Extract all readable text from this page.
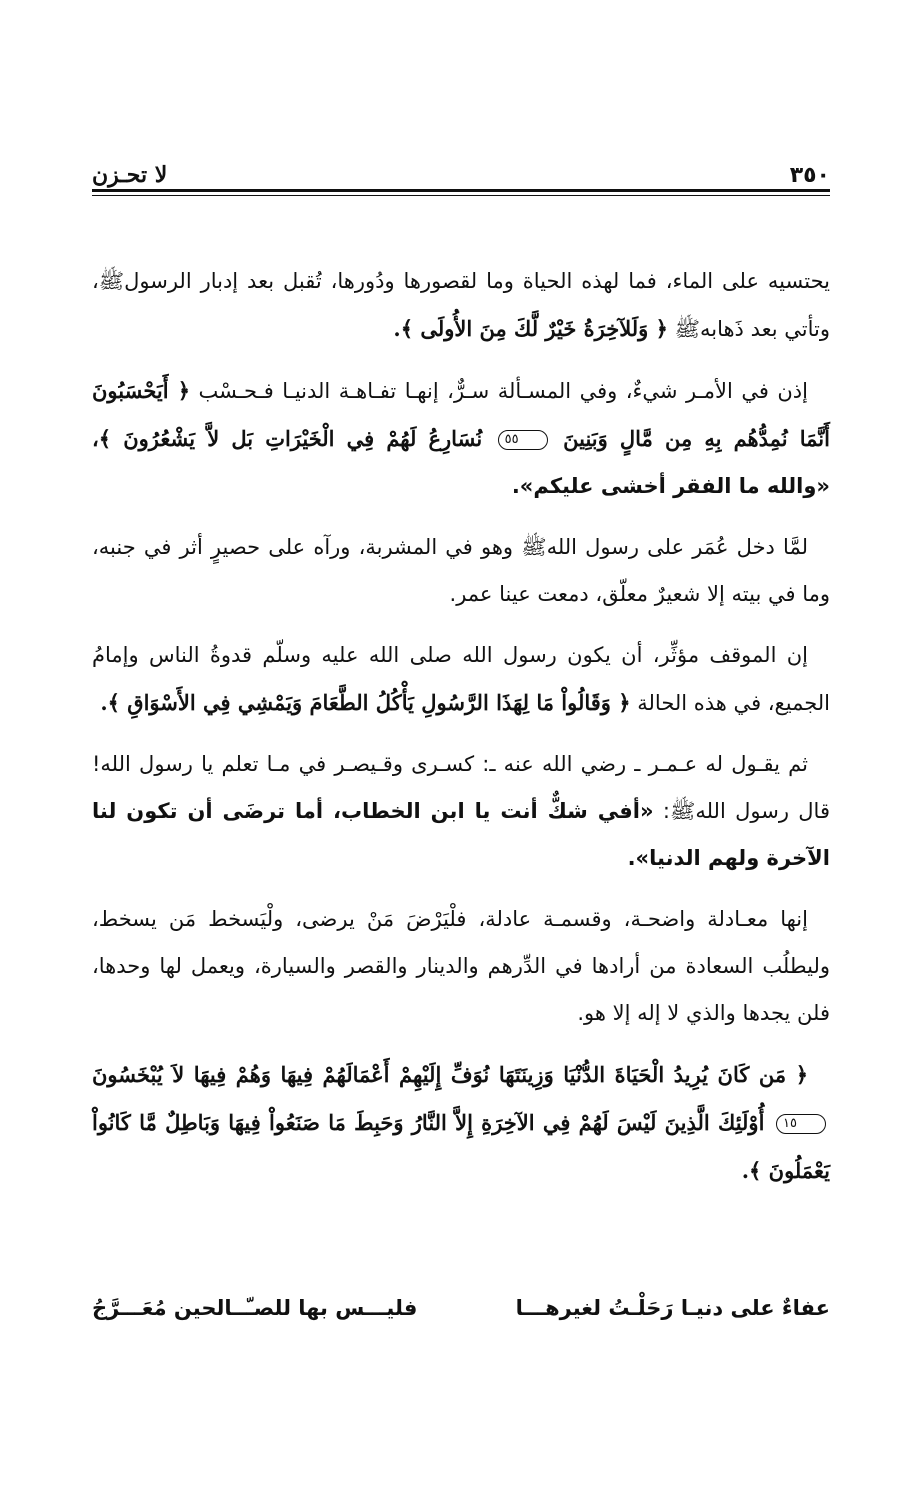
٣٥٠
لا تحـزن

يحتسيه على الماء، فما لهذه الحياة وما لقصورها ودُورها، تُقبل بعد إدبار الرسولﷺ، وتأتي بعد ذَهابهﷺ ﴿ وَلَلآخِرَةُ خَيْرٌ لَّكَ مِنَ الأُولَى ﴾.

إذن في الأمـر شيءٌ، وفي المسـألة سـرٌّ، إنهـا تفـاهـة الدنيـا فـحـسْب ﴿ أَيَحْسَبُونَ أَنَّمَا نُمِدُّهُم بِهِ مِن مَّالٍ وَبَنِينَ ٥٥ نُسَارِعُ لَهُمْ فِي الْخَيْرَاتِ بَل لاَّ يَشْعُرُونَ ﴾، «والله ما الفقر أخشى عليكم».

لمَّا دخل عُمَر على رسول اللهﷺ وهو في المشربة، ورآه على حصيرٍ أثر في جنبه، وما في بيته إلا شعيرٌ معلّق، دمعت عينا عمر.

إن الموقف مؤثِّر، أن يكون رسول الله صلى الله عليه وسلّم قدوةُ الناس وإمامُ الجميع، في هذه الحالة ﴿ وَقَالُواْ مَا لِهَذَا الرَّسُولِ يَأْكُلُ الطَّعَامَ وَيَمْشِي فِي الأَسْوَاقِ ﴾.

ثم يقـول له عـمـر ـ رضي الله عنه ـ: كسـرى وقـيصـر في مـا تعلم يا رسول الله! قال رسول اللهﷺ: «أفي شكٌّ أنت يا ابن الخطاب، أما ترضَى أن تكون لنا الآخرة ولهم الدنيا».

إنها معـادلة واضحـة، وقسمـة عادلة، فلْيَرْضَ مَنْ يرضى، ولْيَسخط مَن يسخط، وليطلُب السعادة من أرادها في الدِّرهم والدينار والقصر والسيارة، ويعمل لها وحدها، فلن يجدها والذي لا إله إلا هو.

﴿ مَن كَانَ يُرِيدُ الْحَيَاةَ الدُّنْيَا وَزِينَتَهَا نُوَفِّ إِلَيْهِمْ أَعْمَالَهُمْ فِيهَا وَهُمْ فِيهَا لاَ يُبْخَسُونَ ١٥ أُوْلَئِكَ الَّذِينَ لَيْسَ لَهُمْ فِي الآخِرَةِ إِلاَّ النَّارُ وَحَبِطَ مَا صَنَعُواْ فِيهَا وَبَاطِلٌ مَّا كَانُواْ يَعْمَلُونَ ﴾.

عفاءٌ على دنيـا رَحَلْـتُ لغيرهـــا
فليـــس بها للصـّــالحين مُعَـــرَّجُ
